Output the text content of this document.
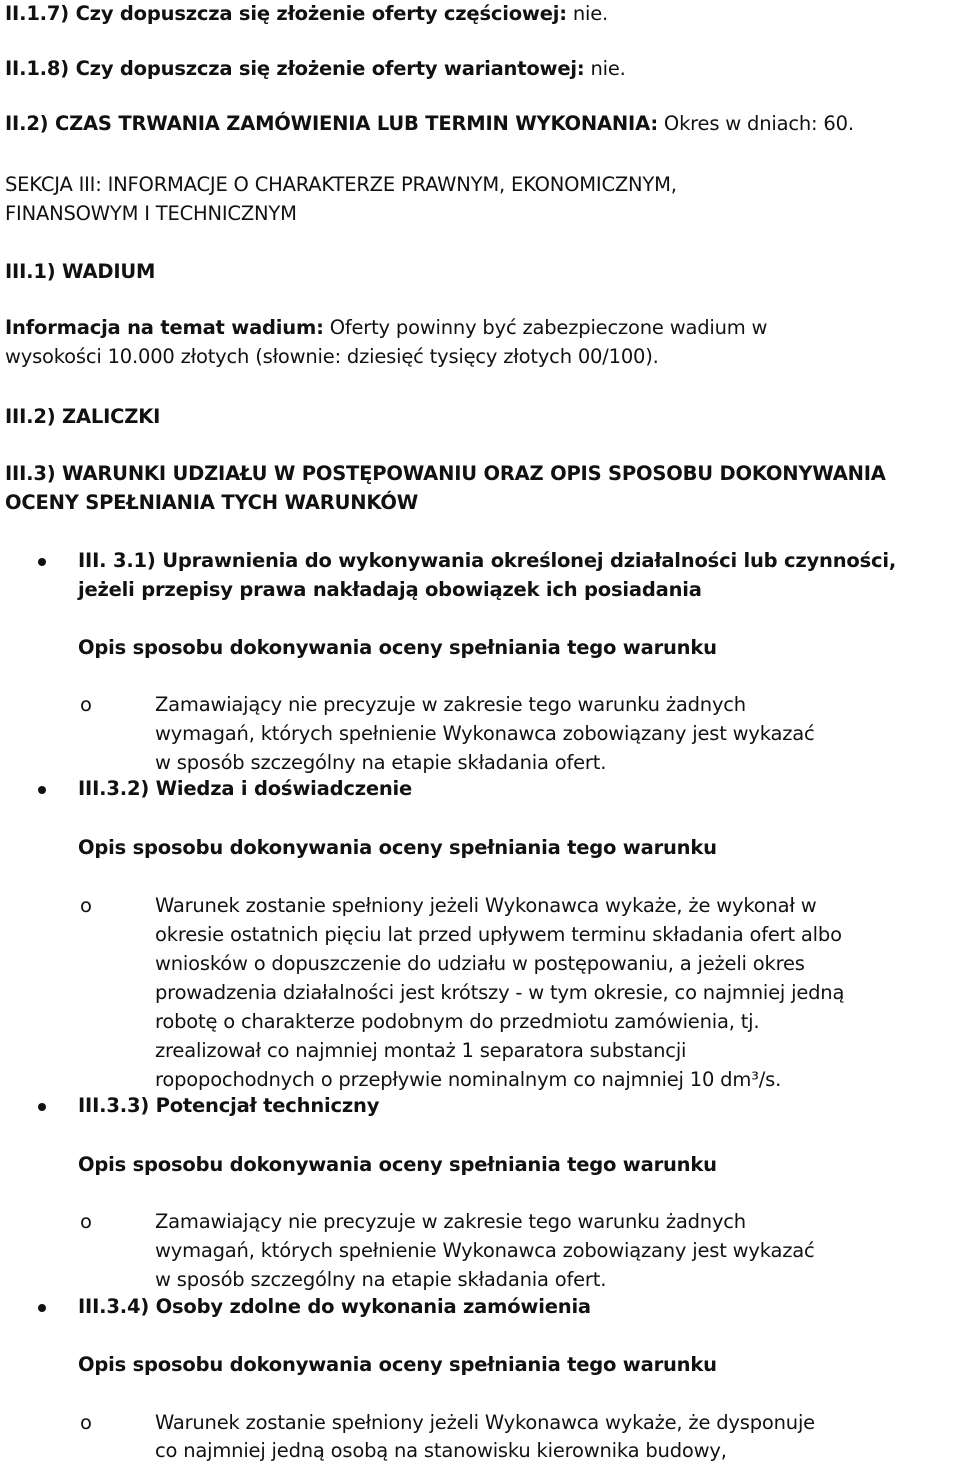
II.1.7) Czy dopuszcza się złożenie oferty częściowej: nie.
II.1.8) Czy dopuszcza się złożenie oferty wariantowej: nie.
II.2) CZAS TRWANIA ZAMÓWIENIA LUB TERMIN WYKONANIA: Okres w dniach: 60.
SEKCJA III: INFORMACJE O CHARAKTERZE PRAWNYM, EKONOMICZNYM,
FINANSOWYM I TECHNICZNYM
III.1) WADIUM
Informacja na temat wadium: Oferty powinny być zabezpieczone wadium w
wysokości 10.000 złotych (słownie: dziesięć tysięcy złotych 00/100).
III.2) ZALICZKI
III.3) WARUNKI UDZIAŁU W POSTĘPOWANIU ORAZ OPIS SPOSOBU DOKONYWANIA
OCENY SPEŁNIANIA TYCH WARUNKÓW
III. 3.1) Uprawnienia do wykonywania określonej działalności lub czynności,
jeżeli przepisy prawa nakładają obowiązek ich posiadania
Opis sposobu dokonywania oceny spełniania tego warunku
o	Zamawiający nie precyzuje w zakresie tego warunku żadnych
wymagań, których spełnienie Wykonawca zobowiązany jest wykazać
w sposób szczególny na etapie składania ofert.
III.3.2) Wiedza i doświadczenie
Opis sposobu dokonywania oceny spełniania tego warunku
o	Warunek zostanie spełniony jeżeli Wykonawca wykaże, że wykonał w
okresie ostatnich pięciu lat przed upływem terminu składania ofert albo
wniosków o dopuszczenie do udziału w postępowaniu, a jeżeli okres
prowadzenia działalności jest krótszy - w tym okresie, co najmniej jedną
robotę o charakterze podobnym do przedmiotu zamówienia, tj.
zrealizował co najmniej montaż 1 separatora substancji
ropopochodnych o przepływie nominalnym co najmniej 10 dm³/s.
III.3.3) Potencjał techniczny
Opis sposobu dokonywania oceny spełniania tego warunku
o	Zamawiający nie precyzuje w zakresie tego warunku żadnych
wymagań, których spełnienie Wykonawca zobowiązany jest wykazać
w sposób szczególny na etapie składania ofert.
III.3.4) Osoby zdolne do wykonania zamówienia
Opis sposobu dokonywania oceny spełniania tego warunku
o	Warunek zostanie spełniony jeżeli Wykonawca wykaże, że dysponuje
co najmniej jedną osobą na stanowisku kierownika budowy,
